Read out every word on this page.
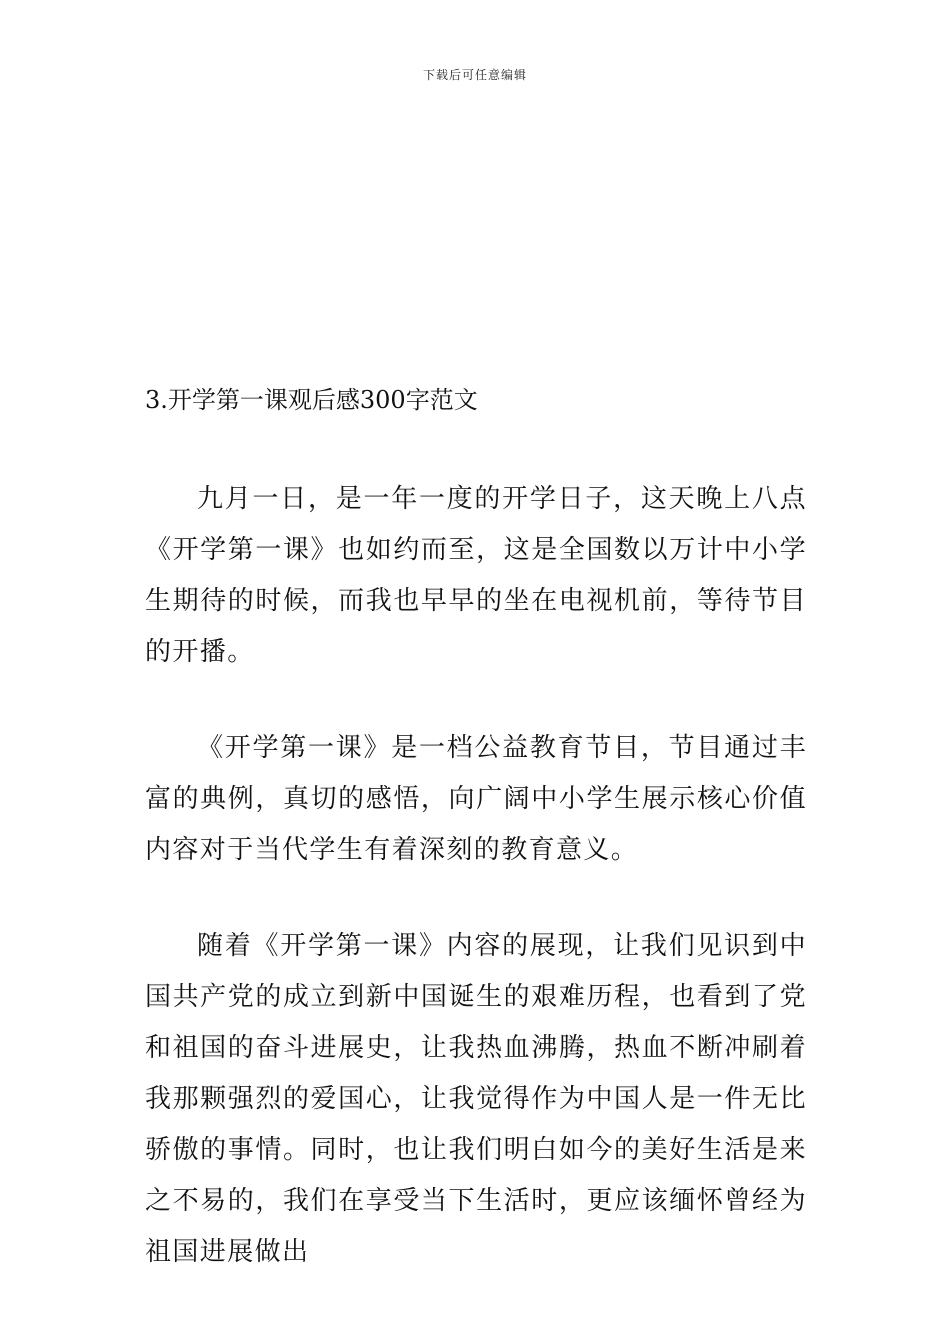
下载后可任意编辑
3.开学第一课观后感300字范文

九月一日，是一年一度的开学日子，这天晚上八点《开学第一课》也如约而至，这是全国数以万计中小学生期待的时候，而我也早早的坐在电视机前，等待节目的开播。

《开学第一课》是一档公益教育节目，节目通过丰富的典例，真切的感悟，向广阔中小学生展示核心价值内容对于当代学生有着深刻的教育意义。

随着《开学第一课》内容的展现，让我们见识到中国共产党的成立到新中国诞生的艰难历程，也看到了党和祖国的奋斗进展史，让我热血沸腾，热血不断冲刷着我那颗强烈的爱国心，让我觉得作为中国人是一件无比骄傲的事情。同时，也让我们明白如今的美好生活是来之不易的，我们在享受当下生活时，更应该缅怀曾经为祖国进展做出
